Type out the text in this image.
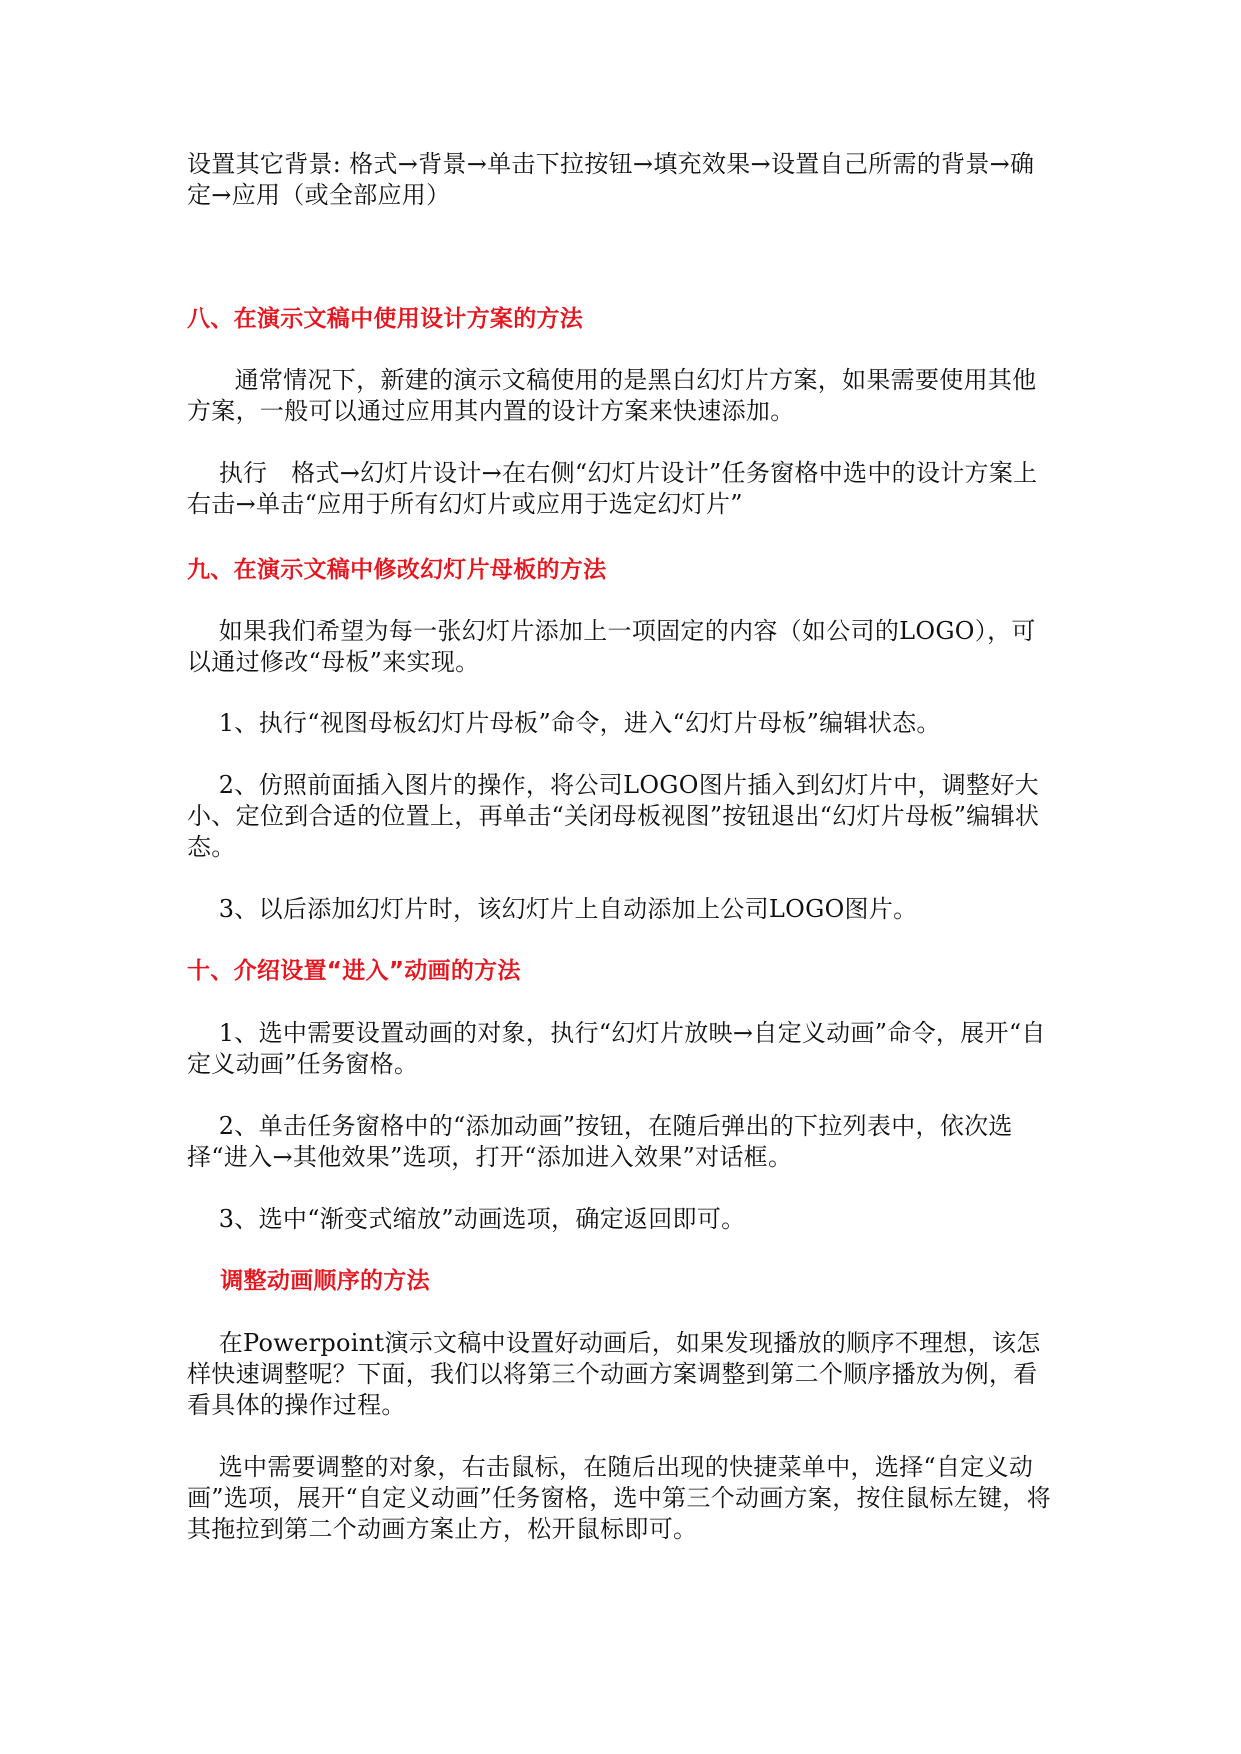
设置其它背景: 格式→背景→单击下拉按钮→填充效果→设置自己所需的背景→确定→应用（或全部应用）

八、在演示文稿中使用设计方案的方法

通常情况下，新建的演示文稿使用的是黑白幻灯片方案，如果需要使用其他方案，一般可以通过应用其内置的设计方案来快速添加。

执行   格式→幻灯片设计→在右侧“幻灯片设计”任务窗格中选中的设计方案上右击→单击“应用于所有幻灯片或应用于选定幻灯片”

九、在演示文稿中修改幻灯片母板的方法

如果我们希望为每一张幻灯片添加上一项固定的内容（如公司的LOGO），可以通过修改“母板”来实现。

1、执行“视图母板幻灯片母板”命令，进入“幻灯片母板”编辑状态。

2、仿照前面插入图片的操作，将公司LOGO图片插入到幻灯片中，调整好大小、定位到合适的位置上，再单击“关闭母板视图”按钮退出“幻灯片母板”编辑状态。

3、以后添加幻灯片时，该幻灯片上自动添加上公司LOGO图片。

十、介绍设置“进入”动画的方法

1、选中需要设置动画的对象，执行“幻灯片放映→自定义动画”命令，展开“自定义动画”任务窗格。

2、单击任务窗格中的“添加动画”按钮，在随后弹出的下拉列表中，依次选择“进入→其他效果”选项，打开“添加进入效果”对话框。

3、选中“渐变式缩放”动画选项，确定返回即可。

调整动画顺序的方法

在Powerpoint演示文稿中设置好动画后，如果发现播放的顺序不理想，该怎样快速调整呢？下面，我们以将第三个动画方案调整到第二个顺序播放为例，看看具体的操作过程。

选中需要调整的对象，右击鼠标，在随后出现的快捷菜单中，选择“自定义动画”选项，展开“自定义动画”任务窗格，选中第三个动画方案，按住鼠标左键，将其拖拉到第二个动画方案止方，松开鼠标即可。
